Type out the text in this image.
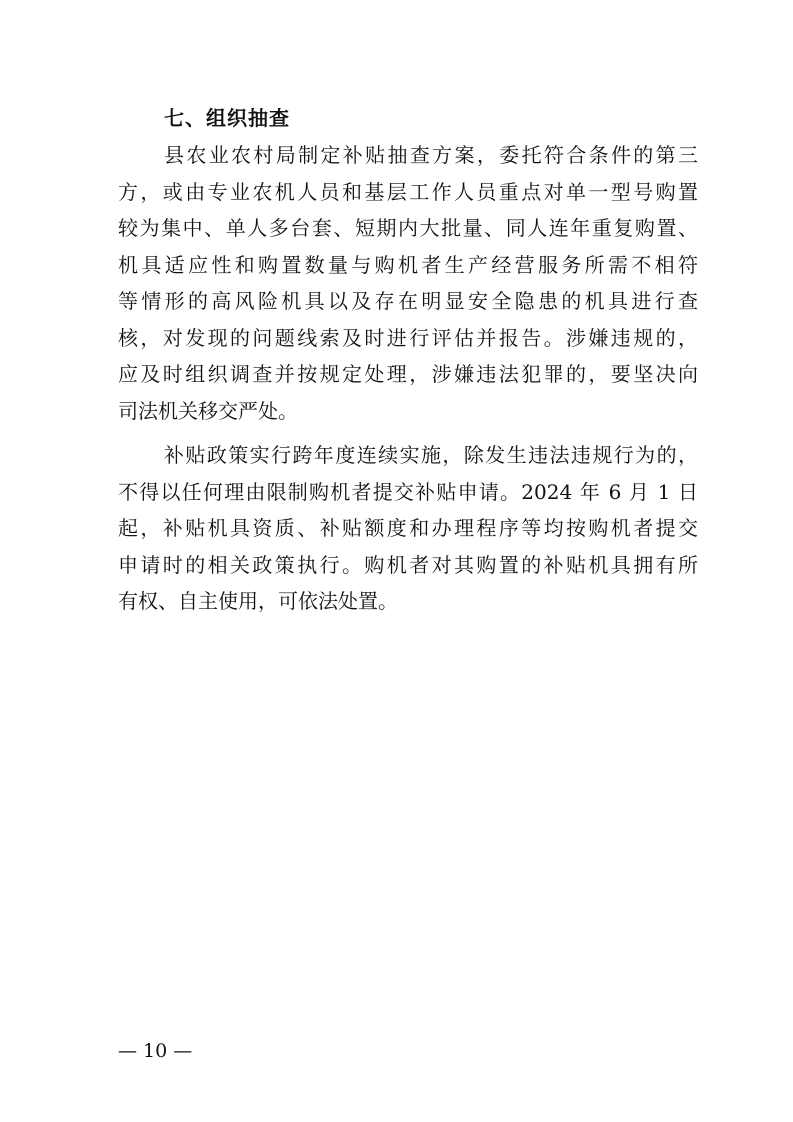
七、组织抽查
县农业农村局制定补贴抽查方案，委托符合条件的第三
方，或由专业农机人员和基层工作人员重点对单一型号购置
较为集中、单人多台套、短期内大批量、同人连年重复购置、
机具适应性和购置数量与购机者生产经营服务所需不相符
等情形的高风险机具以及存在明显安全隐患的机具进行查
核，对发现的问题线索及时进行评估并报告。涉嫌违规的，
应及时组织调查并按规定处理，涉嫌违法犯罪的，要坚决向
司法机关移交严处。
补贴政策实行跨年度连续实施，除发生违法违规行为的，
不得以任何理由限制购机者提交补贴申请。2024 年 6 月 1 日
起，补贴机具资质、补贴额度和办理程序等均按购机者提交
申请时的相关政策执行。购机者对其购置的补贴机具拥有所
有权、自主使用，可依法处置。
— 10 —
